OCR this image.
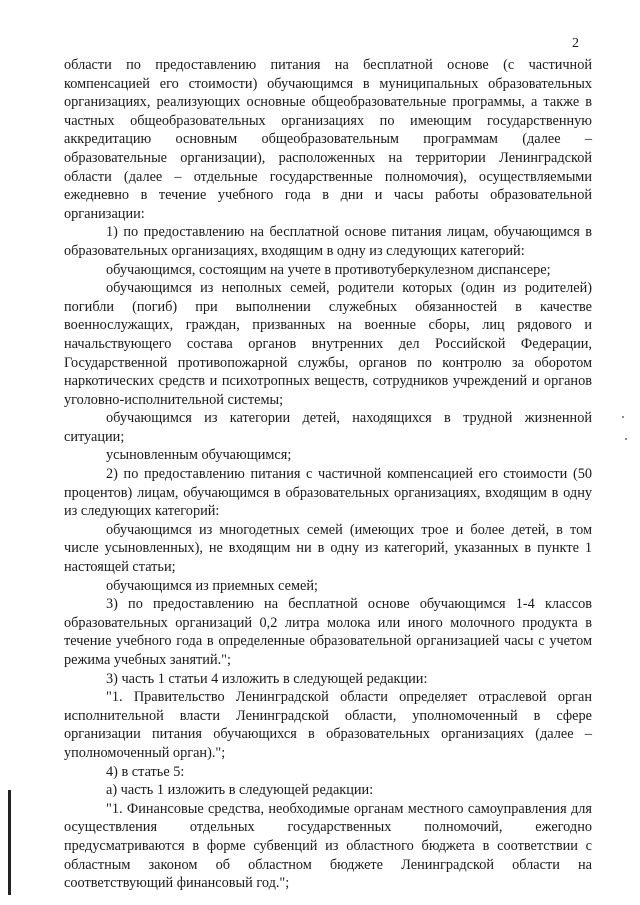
2

области по предоставлению питания на бесплатной основе (с частичной компенсацией его стоимости) обучающимся в муниципальных образовательных организациях, реализующих основные общеобразовательные программы, а также в частных общеобразовательных организациях по имеющим государственную аккредитацию основным общеобразовательным программам (далее – образовательные организации), расположенных на территории Ленинградской области (далее – отдельные государственные полномочия), осуществляемыми ежедневно в течение учебного года в дни и часы работы образовательной организации:

1) по предоставлению на бесплатной основе питания лицам, обучающимся в образовательных организациях, входящим в одну из следующих категорий:

обучающимся, состоящим на учете в противотуберкулезном диспансере;

обучающимся из неполных семей, родители которых (один из родителей) погибли (погиб) при выполнении служебных обязанностей в качестве военнослужащих, граждан, призванных на военные сборы, лиц рядового и начальствующего состава органов внутренних дел Российской Федерации, Государственной противопожарной службы, органов по контролю за оборотом наркотических средств и психотропных веществ, сотрудников учреждений и органов уголовно-исполнительной системы;

обучающимся из категории детей, находящихся в трудной жизненной ситуации;

усыновленным обучающимся;

2) по предоставлению питания с частичной компенсацией его стоимости (50 процентов) лицам, обучающимся в образовательных организациях, входящим в одну из следующих категорий:

обучающимся из многодетных семей (имеющих трое и более детей, в том числе усыновленных), не входящим ни в одну из категорий, указанных в пункте 1 настоящей статьи;

обучающимся из приемных семей;

3) по предоставлению на бесплатной основе обучающимся 1-4 классов образовательных организаций 0,2 литра молока или иного молочного продукта в течение учебного года в определенные образовательной организацией часы с учетом режима учебных занятий.";

3) часть 1 статьи 4 изложить в следующей редакции:

"1. Правительство Ленинградской области определяет отраслевой орган исполнительной власти Ленинградской области, уполномоченный в сфере организации питания обучающихся в образовательных организациях (далее – уполномоченный орган).";

4) в статье 5:

а) часть 1 изложить в следующей редакции:

"1. Финансовые средства, необходимые органам местного самоуправления для осуществления отдельных государственных полномочий, ежегодно предусматриваются в форме субвенций из областного бюджета в соответствии с областным законом об областном бюджете Ленинградской области на соответствующий финансовый год.";
